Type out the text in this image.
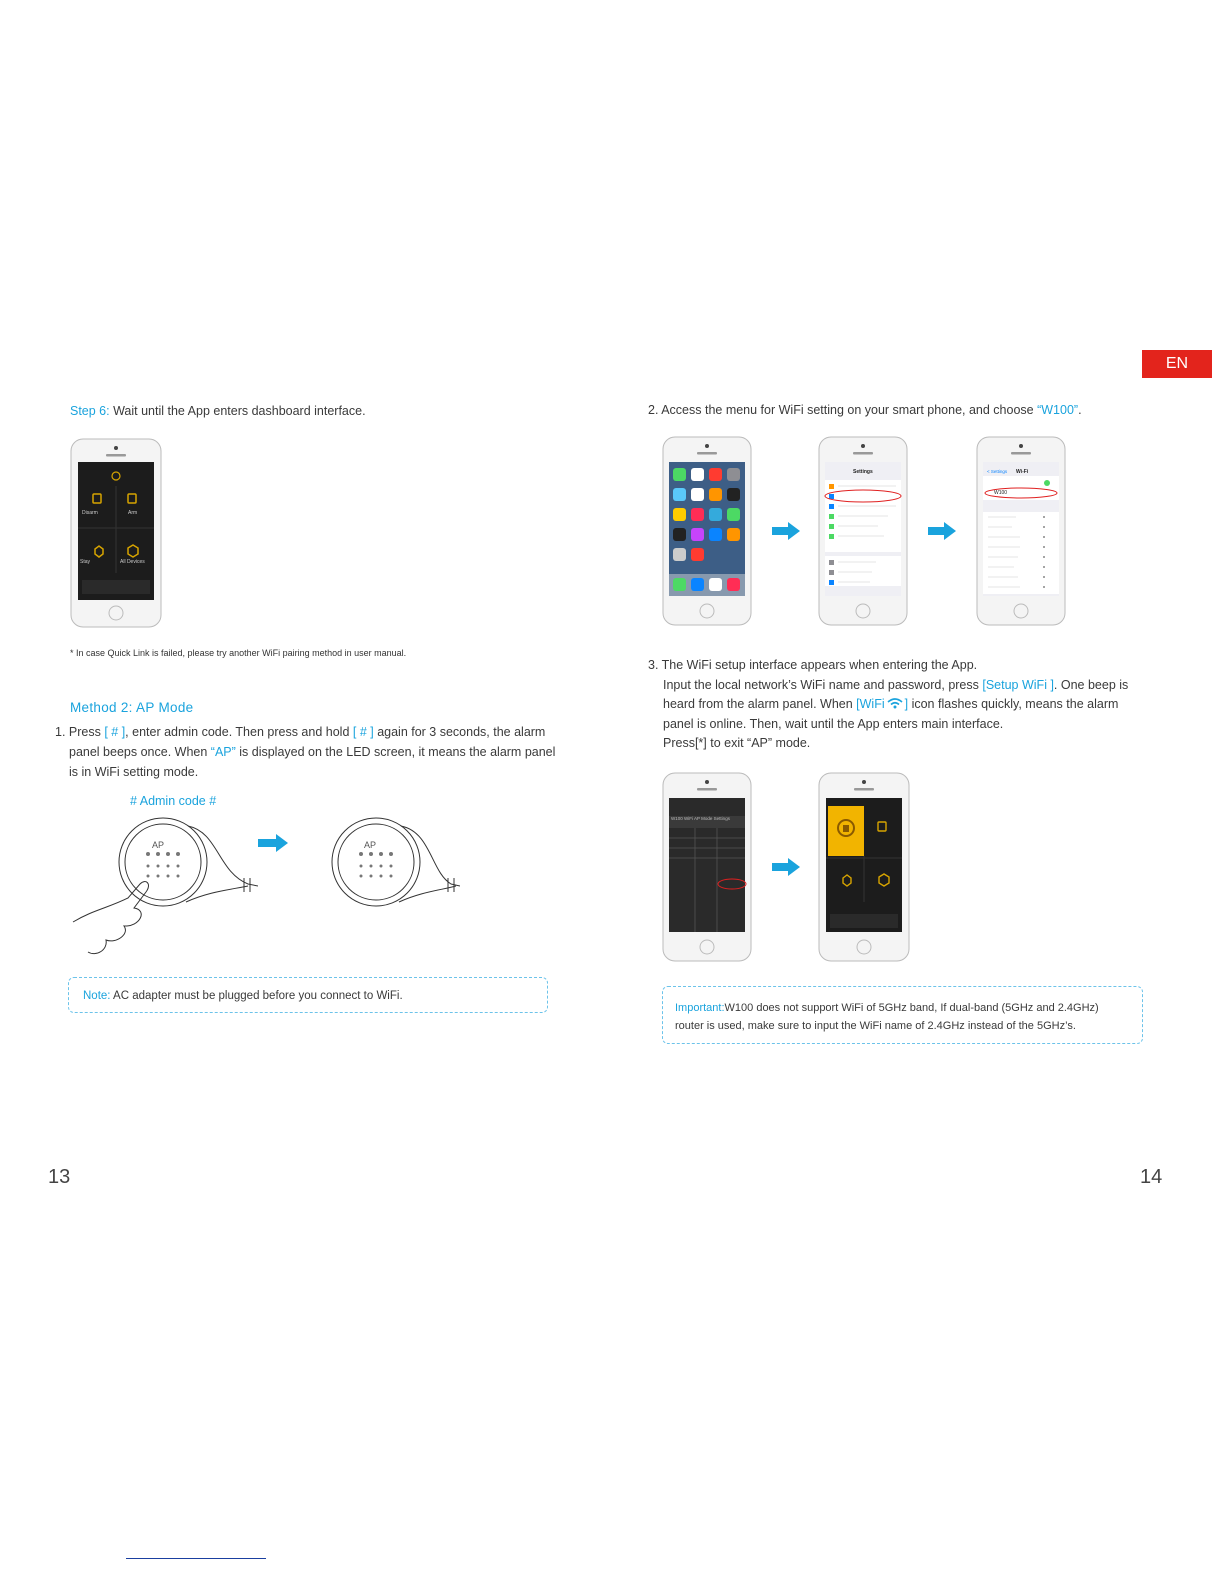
EN
Step 6: Wait until the App enters dashboard interface.
Disarm	Arm
Stay	All Devices
* In case Quick Link is failed, please try another WiFi pairing method in user manual.
Method 2: AP Mode
1. Press [ # ], enter admin code. Then press and hold [ # ] again for 3 seconds, the alarm
panel beeps once. When “AP” is displayed on the LED screen, it means the alarm panel
is in WiFi setting mode.
# Admin code #
AP	AP
Note: AC adapter must be plugged before you connect to WiFi.
13
2. Access the menu for WiFi setting on your smart phone, and choose “W100”.
Settings	< Settings Wi-Fi
W100
3. The WiFi setup interface appears when entering the App.
Input the local network’s WiFi name and password, press [Setup WiFi ]. One beep is
heard from the alarm panel. When [WiFi ] icon flashes quickly, means the alarm
panel is online. Then, wait until the App enters main interface.
Press[*] to exit “AP” mode.
W100 WiFi AP Mode Settings
Important:W100 does not support WiFi of 5GHz band, If dual-band (5GHz and 2.4GHz)
router is used, make sure to input the WiFi name of 2.4GHz instead of the 5GHz’s.
14
